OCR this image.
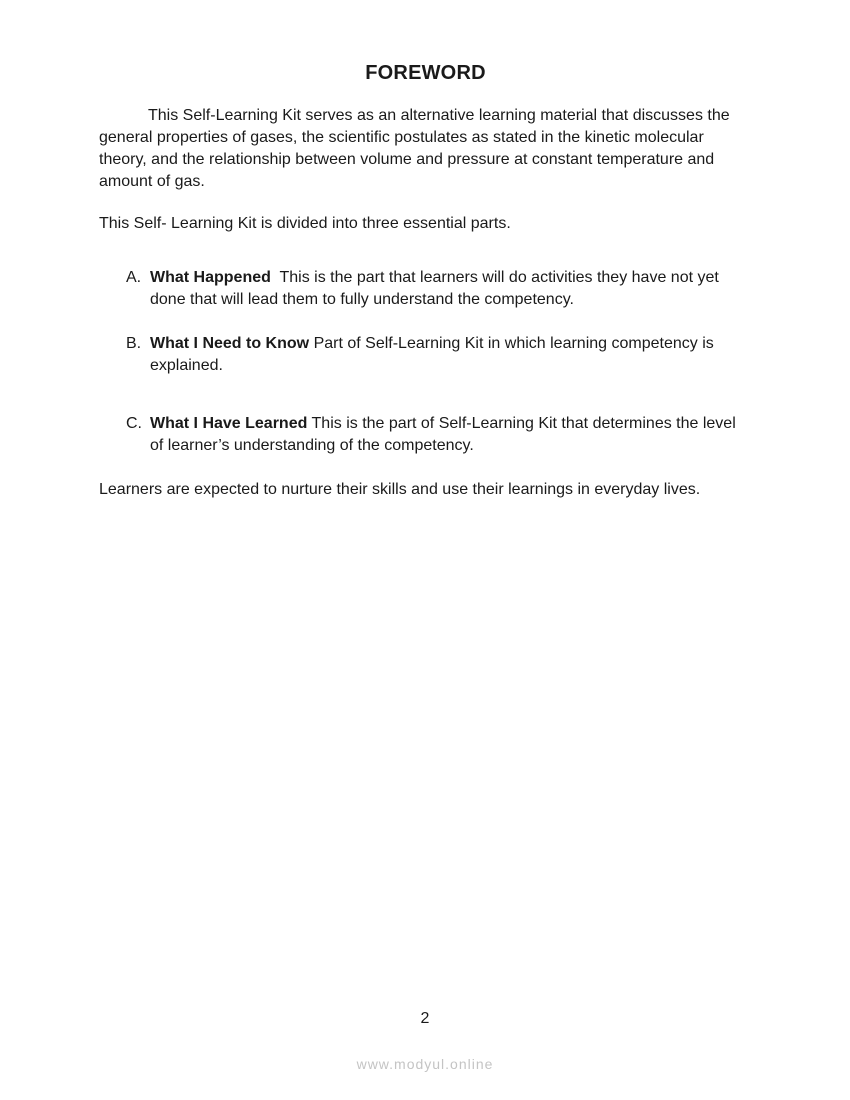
FOREWORD

This Self-Learning Kit serves as an alternative learning material that discusses the general properties of gases, the scientific postulates as stated in the kinetic molecular theory, and the relationship between volume and pressure at constant temperature and amount of gas.

This Self- Learning Kit is divided into three essential parts.

A. What Happened This is the part that learners will do activities they have not yet done that will lead them to fully understand the competency.
B. What I Need to Know Part of Self-Learning Kit in which learning competency is explained.
C. What I Have Learned This is the part of Self-Learning Kit that determines the level of learner’s understanding of the competency.

Learners are expected to nurture their skills and use their learnings in everyday lives.

2
www.modyul.online
